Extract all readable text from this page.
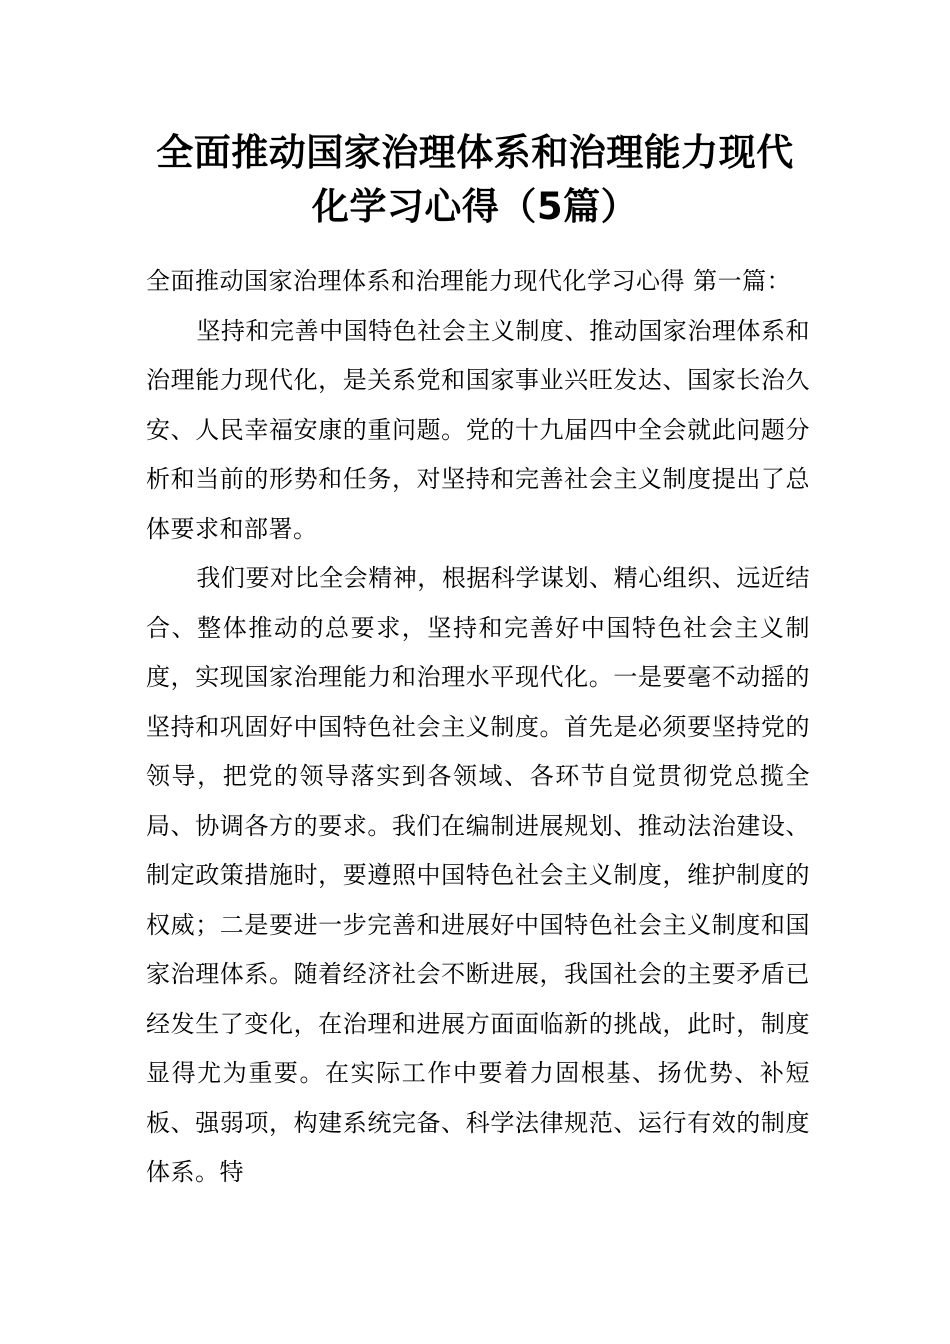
全面推动国家治理体系和治理能力现代
化学习心得（5篇）

全面推动国家治理体系和治理能力现代化学习心得 第一篇：

坚持和完善中国特色社会主义制度、推动国家治理体系和治理能力现代化，是关系党和国家事业兴旺发达、国家长治久安、人民幸福安康的重问题。党的十九届四中全会就此问题分析和当前的形势和任务，对坚持和完善社会主义制度提出了总体要求和部署。

我们要对比全会精神，根据科学谋划、精心组织、远近结合、整体推动的总要求，坚持和完善好中国特色社会主义制度，实现国家治理能力和治理水平现代化。一是要毫不动摇的坚持和巩固好中国特色社会主义制度。首先是必须要坚持党的领导，把党的领导落实到各领域、各环节自觉贯彻党总揽全局、协调各方的要求。我们在编制进展规划、推动法治建设、制定政策措施时，要遵照中国特色社会主义制度，维护制度的权威；二是要进一步完善和进展好中国特色社会主义制度和国家治理体系。随着经济社会不断进展，我国社会的主要矛盾已经发生了变化，在治理和进展方面面临新的挑战，此时，制度显得尤为重要。在实际工作中要着力固根基、扬优势、补短板、强弱项，构建系统完备、科学法律规范、运行有效的制度体系。特
